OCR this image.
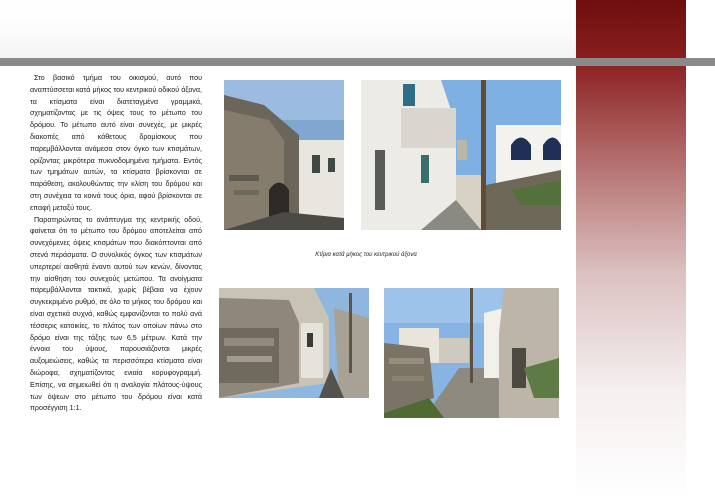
Στο βασικό τμήμα του οικισμού, αυτό που αναπτύσσεται κατά μήκος του κεντρικού οδικού άξονα, τα κτίσματα είναι διατεταγμένα γραμμικά, σχηματίζοντας με τις όψεις τους το μέτωπο του δρόμου. Το μέτωπο αυτό είναι συνεχές, με μικρές διακοπές από κάθετους δρομίσκους που παρεμβάλλονται ανάμεσα στον όγκο των κτισμάτων, ορίζοντας μικρότερα πυκνοδομημένα τμήματα. Εντός των τμημάτων αυτών, τα κτίσματα βρίσκονται σε παράθεση, ακολουθώντας την κλίση του δρόμου και στη συνέχεια τα κοινά τους όρια, αφού βρίσκονται σε επαφή μεταξύ τους.

Παρατηρώντας το ανάπτυγμα της κεντρικής οδού, φαίνεται ότι το μέτωπο του δρόμου αποτελείται από συνεχόμενες όψεις κτισμάτων που διακόπτονται από στενά περάσματα. Ο συνολικός όγκος των κτισμάτων υπερτερεί αισθητά έναντι αυτού των κενών, δίνοντας την αίσθηση του συνεχούς μετώπου. Τα ανοίγματα παρεμβάλλονται τακτικά, χωρίς βέβαια να έχουν συγκεκριμένο ρυθμό, σε όλο το μήκος του δρόμου και είναι σχετικά συχνά, καθώς εμφανίζονται το πολύ ανά τέσσερις κατοικίες, το πλάτος των οποίων πάνω στο δρόμο είναι της τάξης των 6,5 μέτρων. Κατά την έννοια του ύψους, παρουσιάζονται μικρές αυξομειώσεις, καθώς τα περισσότερα κτίσματα είναι διώροφα, σχηματίζοντας ενιαία κορυφογραμμή. Επίσης, να σημειωθεί ότι η αναλογία πλάτους-ύψους των όψεων στο μέτωπο του δρόμου είναι κατά προσέγγιση 1:1.

Κτίρια κατά μήκος του κεντρικού άξονα
